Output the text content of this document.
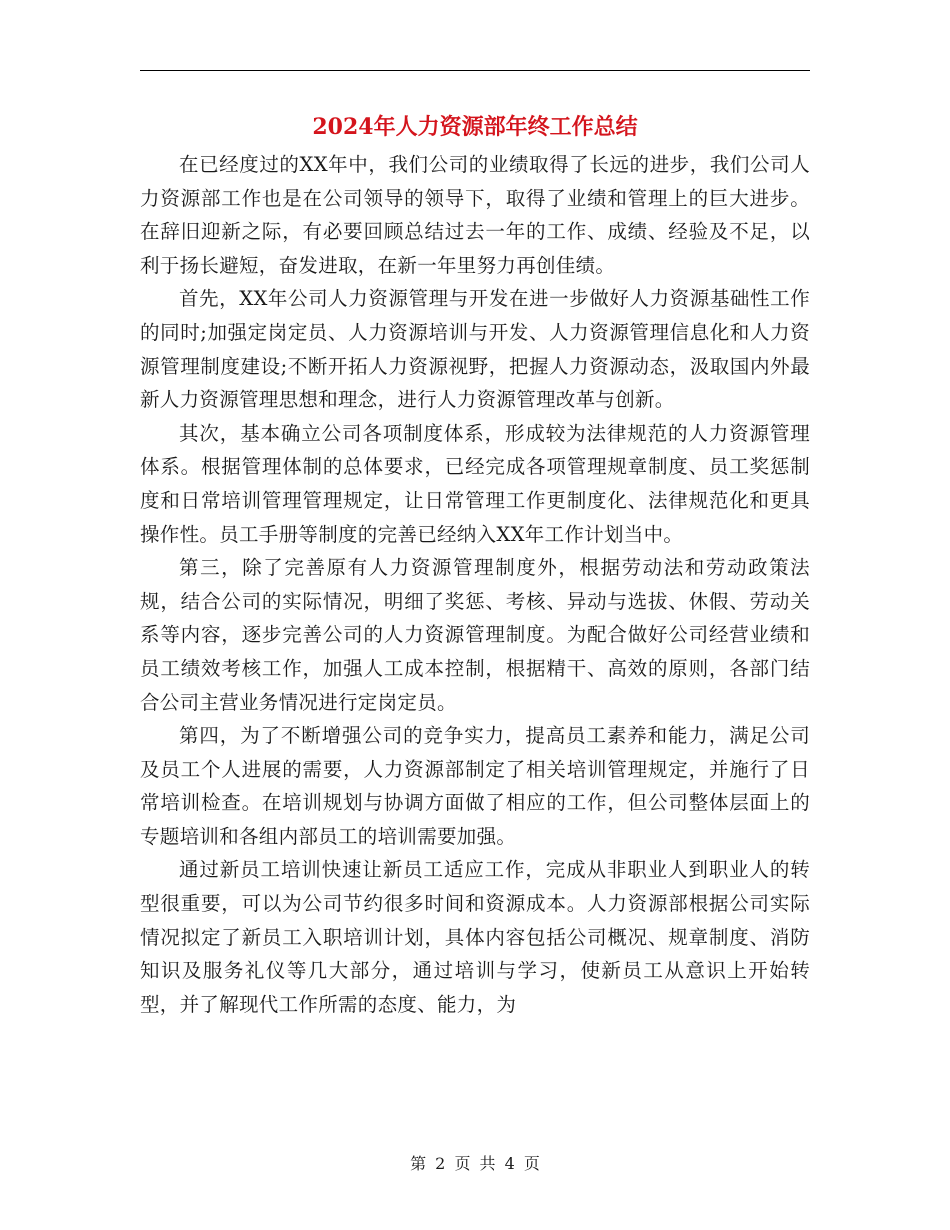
2024年人力资源部年终工作总结

在已经度过的XX年中，我们公司的业绩取得了长远的进步，我们公司人力资源部工作也是在公司领导的领导下，取得了业绩和管理上的巨大进步。在辞旧迎新之际，有必要回顾总结过去一年的工作、成绩、经验及不足，以利于扬长避短，奋发进取，在新一年里努力再创佳绩。

首先，XX年公司人力资源管理与开发在进一步做好人力资源基础性工作的同时;加强定岗定员、人力资源培训与开发、人力资源管理信息化和人力资源管理制度建设;不断开拓人力资源视野，把握人力资源动态，汲取国内外最新人力资源管理思想和理念，进行人力资源管理改革与创新。

其次，基本确立公司各项制度体系，形成较为法律规范的人力资源管理体系。根据管理体制的总体要求，已经完成各项管理规章制度、员工奖惩制度和日常培训管理管理规定，让日常管理工作更制度化、法律规范化和更具操作性。员工手册等制度的完善已经纳入XX年工作计划当中。

第三，除了完善原有人力资源管理制度外，根据劳动法和劳动政策法规，结合公司的实际情况，明细了奖惩、考核、异动与选拔、休假、劳动关系等内容，逐步完善公司的人力资源管理制度。为配合做好公司经营业绩和员工绩效考核工作，加强人工成本控制，根据精干、高效的原则，各部门结合公司主营业务情况进行定岗定员。

第四，为了不断增强公司的竞争实力，提高员工素养和能力，满足公司及员工个人进展的需要，人力资源部制定了相关培训管理规定，并施行了日常培训检查。在培训规划与协调方面做了相应的工作，但公司整体层面上的专题培训和各组内部员工的培训需要加强。

通过新员工培训快速让新员工适应工作，完成从非职业人到职业人的转型很重要，可以为公司节约很多时间和资源成本。人力资源部根据公司实际情况拟定了新员工入职培训计划，具体内容包括公司概况、规章制度、消防知识及服务礼仪等几大部分，通过培训与学习，使新员工从意识上开始转型，并了解现代工作所需的态度、能力，为

第 2 页 共 4 页
